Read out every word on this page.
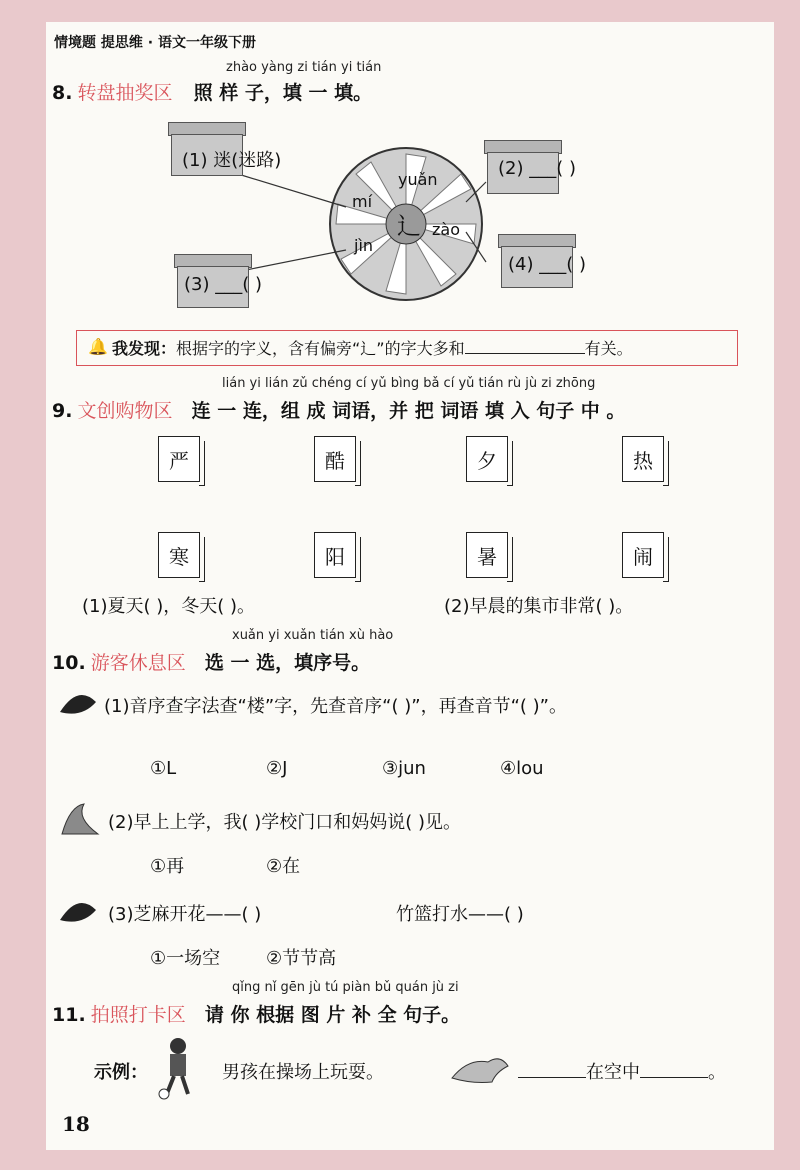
情境题 提思维 · 语文一年级下册
zhào yàng zi tián yi tián
8. 转盘抽奖区 照 样 子，填 一 填。
辶
yuǎn
mí
zào
jìn
(1) 迷(迷路)	(2) ___( )
(3) ___( )
(4) ___( )
🔔 我发现：根据字的字义，含有偏旁“辶”的字大多和	有关。
lián yi lián zǔ chéng cí yǔ bìng bǎ cí yǔ tián rù jù zi zhōng
9. 文创购物区 连 一 连，组 成 词语，并 把 词语 填 入 句子 中 。
严	酷	夕	热
寒	阳	暑	闹
(1)夏天( )，冬天( )。	(2)早晨的集市非常( )。
xuǎn yi xuǎn tián xù hào
10. 游客休息区 选 一 选，填序号。
(1)音序查字法查“楼”字，先查音序“( )”，再查音节“( )”。
①L	②J	③jun	④lou
(2)早上上学，我( )学校门口和妈妈说( )见。
①再	②在
(3)芝麻开花——( )	竹篮打水——( )
①一场空	②节节高
qǐng nǐ gēn jù tú piàn bǔ quán jù zi
11. 拍照打卡区 请 你 根据 图 片 补 全 句子。
示例：	男孩在操场上玩耍。	在空中	。
18
